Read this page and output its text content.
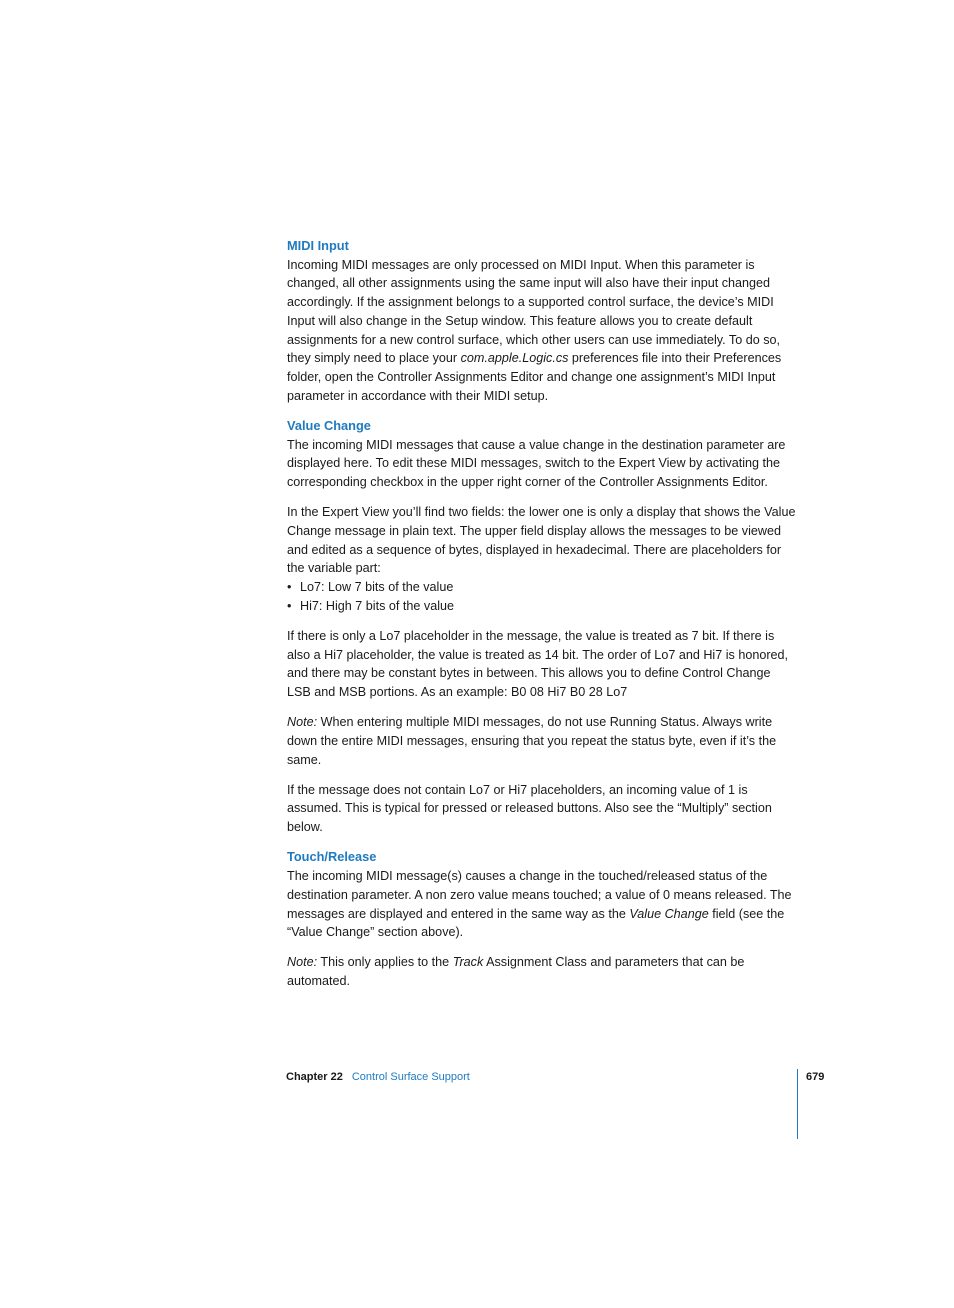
MIDI Input

Incoming MIDI messages are only processed on MIDI Input. When this parameter is changed, all other assignments using the same input will also have their input changed accordingly. If the assignment belongs to a supported control surface, the device’s MIDI Input will also change in the Setup window. This feature allows you to create default assignments for a new control surface, which other users can use immediately. To do so, they simply need to place your com.apple.Logic.cs preferences file into their Preferences folder, open the Controller Assignments Editor and change one assignment’s MIDI Input parameter in accordance with their MIDI setup.

Value Change

The incoming MIDI messages that cause a value change in the destination parameter are displayed here. To edit these MIDI messages, switch to the Expert View by activating the corresponding checkbox in the upper right corner of the Controller Assignments Editor.

In the Expert View you’ll find two fields: the lower one is only a display that shows the Value Change message in plain text. The upper field display allows the messages to be viewed and edited as a sequence of bytes, displayed in hexadecimal. There are placeholders for the variable part:

• Lo7: Low 7 bits of the value
• Hi7: High 7 bits of the value

If there is only a Lo7 placeholder in the message, the value is treated as 7 bit. If there is also a Hi7 placeholder, the value is treated as 14 bit. The order of Lo7 and Hi7 is honored, and there may be constant bytes in between. This allows you to define Control Change LSB and MSB portions. As an example: B0 08 Hi7 B0 28 Lo7

Note: When entering multiple MIDI messages, do not use Running Status. Always write down the entire MIDI messages, ensuring that you repeat the status byte, even if it’s the same.

If the message does not contain Lo7 or Hi7 placeholders, an incoming value of 1 is assumed. This is typical for pressed or released buttons. Also see the “Multiply” section below.

Touch/Release

The incoming MIDI message(s) causes a change in the touched/released status of the destination parameter. A non zero value means touched; a value of 0 means released. The messages are displayed and entered in the same way as the Value Change field (see the “Value Change” section above).

Note: This only applies to the Track Assignment Class and parameters that can be automated.

Chapter 22 Control Surface Support	679
